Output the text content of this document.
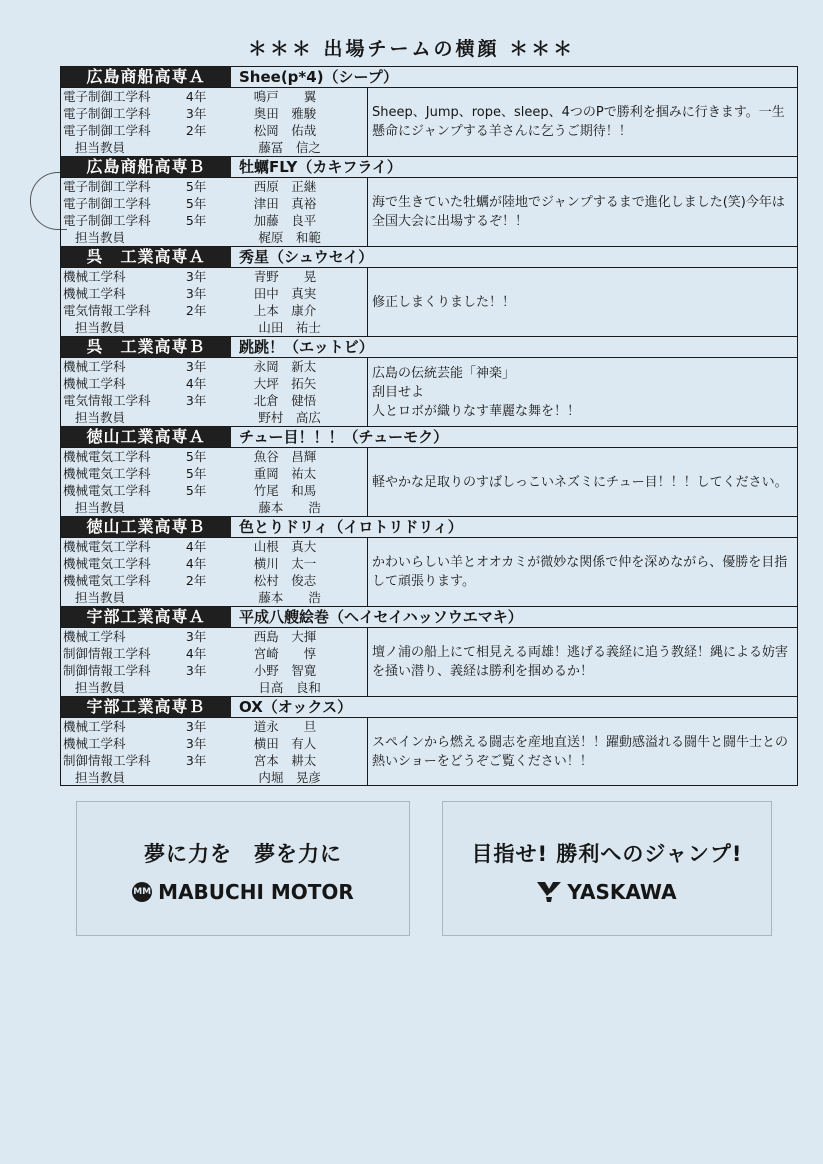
＊＊＊ 出場チームの横顔 ＊＊＊
広島商船高専Ａ	Shee(p*4)（シープ）
電子制御工学科	4年	鳴戸　　翼
電子制御工学科	3年	奥田　雅駿
電子制御工学科	2年	松岡　佑哉
担当教員	藤冨　信之
Sheep、Jump、rope、sleep、4つのPで勝利を掴みに行きます。一生懸命にジャンプする羊さんに乞うご期待！！
広島商船高専Ｂ	牡蠣FLY（カキフライ）
電子制御工学科	5年	西原　正継
電子制御工学科	5年	津田　真裕
電子制御工学科	5年	加藤　良平
担当教員	梶原　和範
海で生きていた牡蠣が陸地でジャンプするまで進化しました(笑)今年は全国大会に出場するぞ！！
呉　工業高専Ａ	秀星（シュウセイ）
機械工学科	3年	青野　　晃
機械工学科	3年	田中　真実
電気情報工学科	2年	上本　康介
担当教員	山田　祐士
修正しまくりました！！
呉　工業高専Ｂ	跳跳！（エットビ）
機械工学科	3年	永岡　新太
機械工学科	4年	大坪　拓矢
電気情報工学科	3年	北倉　健悟
担当教員	野村　高広
広島の伝統芸能「神楽」
刮目せよ
人とロボが織りなす華麗な舞を！！
徳山工業高専Ａ	チュー目！！！（チューモク）
機械電気工学科	5年	魚谷　昌輝
機械電気工学科	5年	重岡　祐太
機械電気工学科	5年	竹尾　和馬
担当教員	藤本　　浩
軽やかな足取りのすばしっこいネズミにチュー目！！！してください。
徳山工業高専Ｂ	色とりドリィ（イロトリドリィ）
機械電気工学科	4年	山根　真大
機械電気工学科	4年	横川　太一
機械電気工学科	2年	松村　俊志
担当教員	藤本　　浩
かわいらしい羊とオオカミが微妙な関係で仲を深めながら、優勝を目指して頑張ります。
宇部工業高専Ａ	平成八艘絵巻（ヘイセイハッソウエマキ）
機械工学科	3年	西島　大揮
制御情報工学科	4年	宮崎　　惇
制御情報工学科	3年	小野　智寛
担当教員	日高　良和
壇ノ浦の船上にて相見える両雄！逃げる義経に追う教経！縄による妨害を掻い潜り、義経は勝利を掴めるか！
宇部工業高専Ｂ	OX（オックス）
機械工学科	3年	道永　　旦
機械工学科	3年	横田　有人
制御情報工学科	3年	宮本　耕太
担当教員	内堀　晃彦
スペインから燃える闘志を産地直送！！躍動感溢れる闘牛と闘牛士との熱いショーをどうぞご覧ください！！
夢に力を　夢を力に
MM MABUCHI MOTOR
目指せ! 勝利へのジャンプ!
YASKAWA
